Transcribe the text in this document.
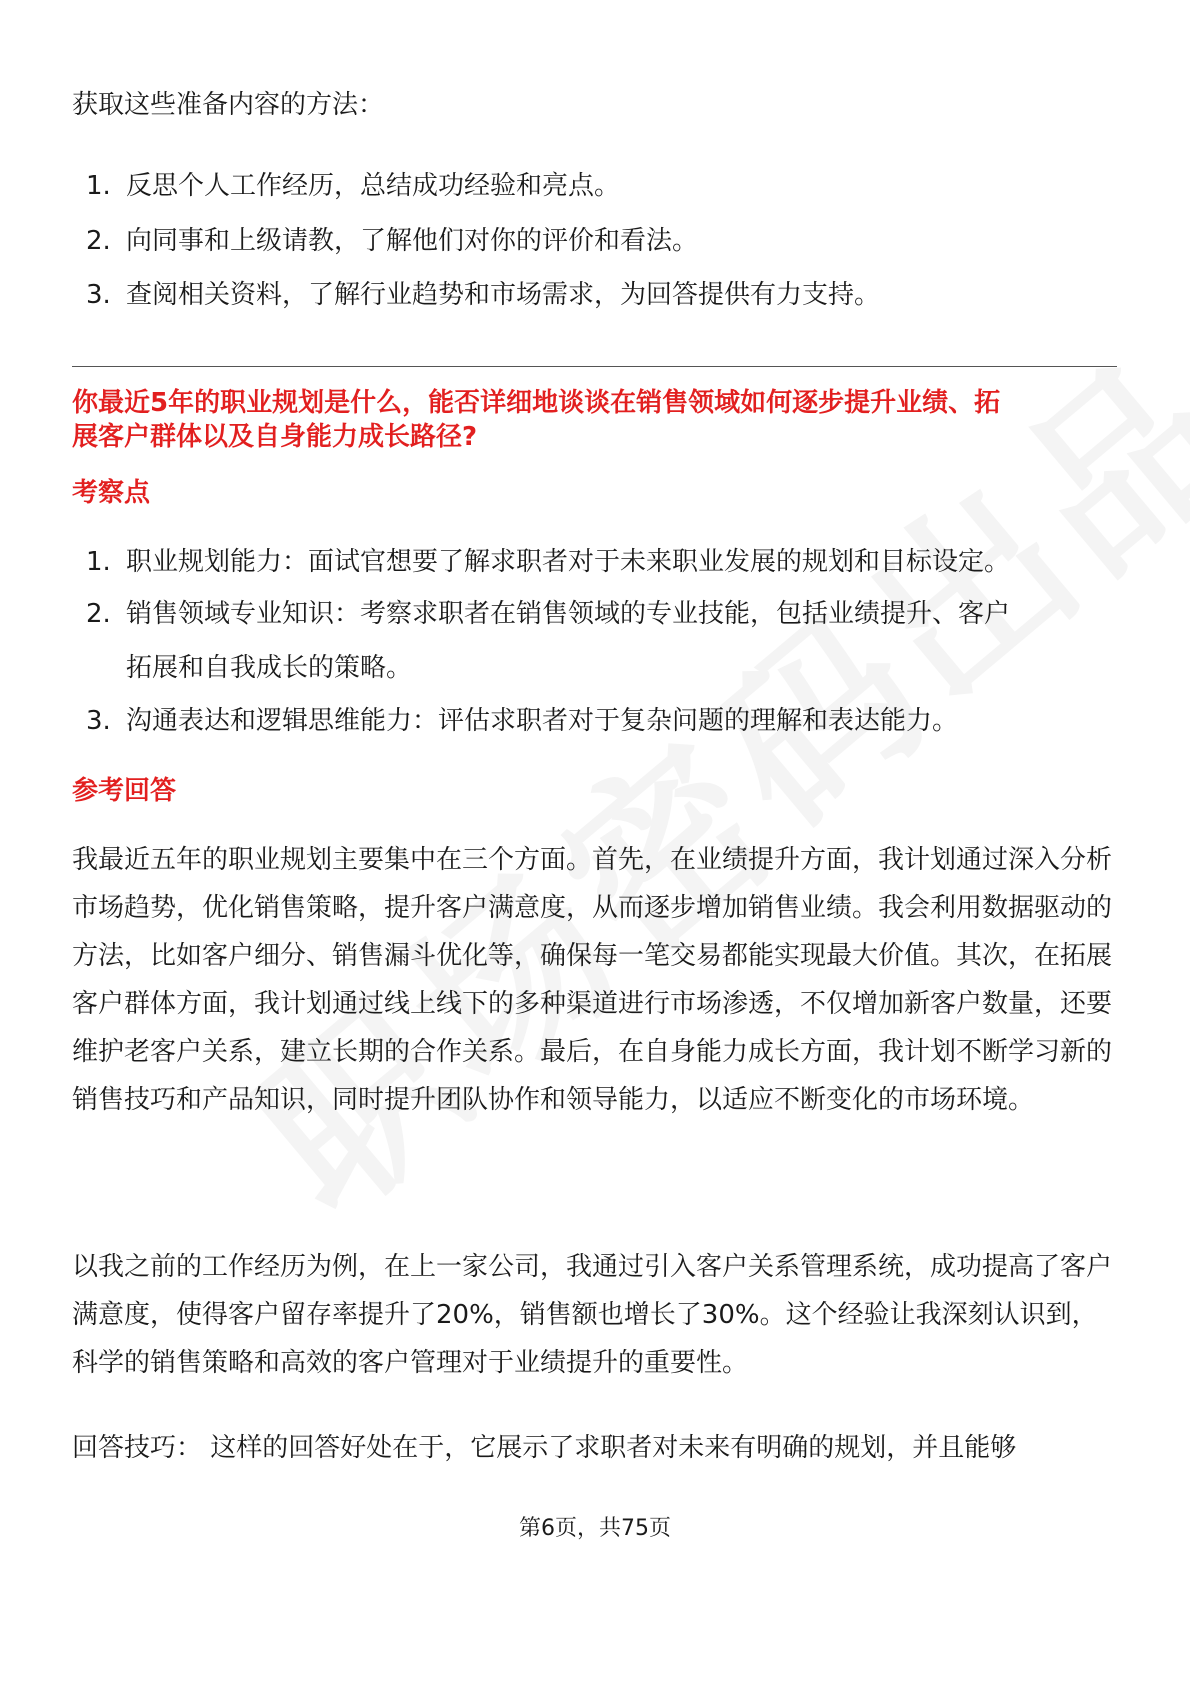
获取这些准备内容的方法：

1. 反思个人工作经历，总结成功经验和亮点。
2. 向同事和上级请教，了解他们对你的评价和看法。
3. 查阅相关资料，了解行业趋势和市场需求，为回答提供有力支持。

你最近5年的职业规划是什么，能否详细地谈谈在销售领域如何逐步提升业绩、拓

展客户群体以及自身能力成长路径?

考察点

1. 职业规划能力：面试官想要了解求职者对于未来职业发展的规划和目标设定。
2. 销售领域专业知识：考察求职者在销售领域的专业技能，包括业绩提升、客户
拓展和自我成长的策略。
3. 沟通表达和逻辑思维能力：评估求职者对于复杂问题的理解和表达能力。

参考回答

我最近五年的职业规划主要集中在三个方面。首先，在业绩提升方面，我计划通过深入分析市场趋势，优化销售策略，提升客户满意度，从而逐步增加销售业绩。我会利用数据驱动的方法，比如客户细分、销售漏斗优化等，确保每一笔交易都能实现最大价值。其次，在拓展客户群体方面，我计划通过线上线下的多种渠道进行市场渗透，不仅增加新客户数量，还要维护老客户关系，建立长期的合作关系。最后，在自身能力成长方面，我计划不断学习新的销售技巧和产品知识，同时提升团队协作和领导能力，以适应不断变化的市场环境。

以我之前的工作经历为例，在上一家公司，我通过引入客户关系管理系统，成功提高了客户满意度，使得客户留存率提升了20%，销售额也增长了30%。这个经验让我深刻认识到，科学的销售策略和高效的客户管理对于业绩提升的重要性。

回答技巧： 这样的回答好处在于，它展示了求职者对未来有明确的规划，并且能够

第6页，共75页
